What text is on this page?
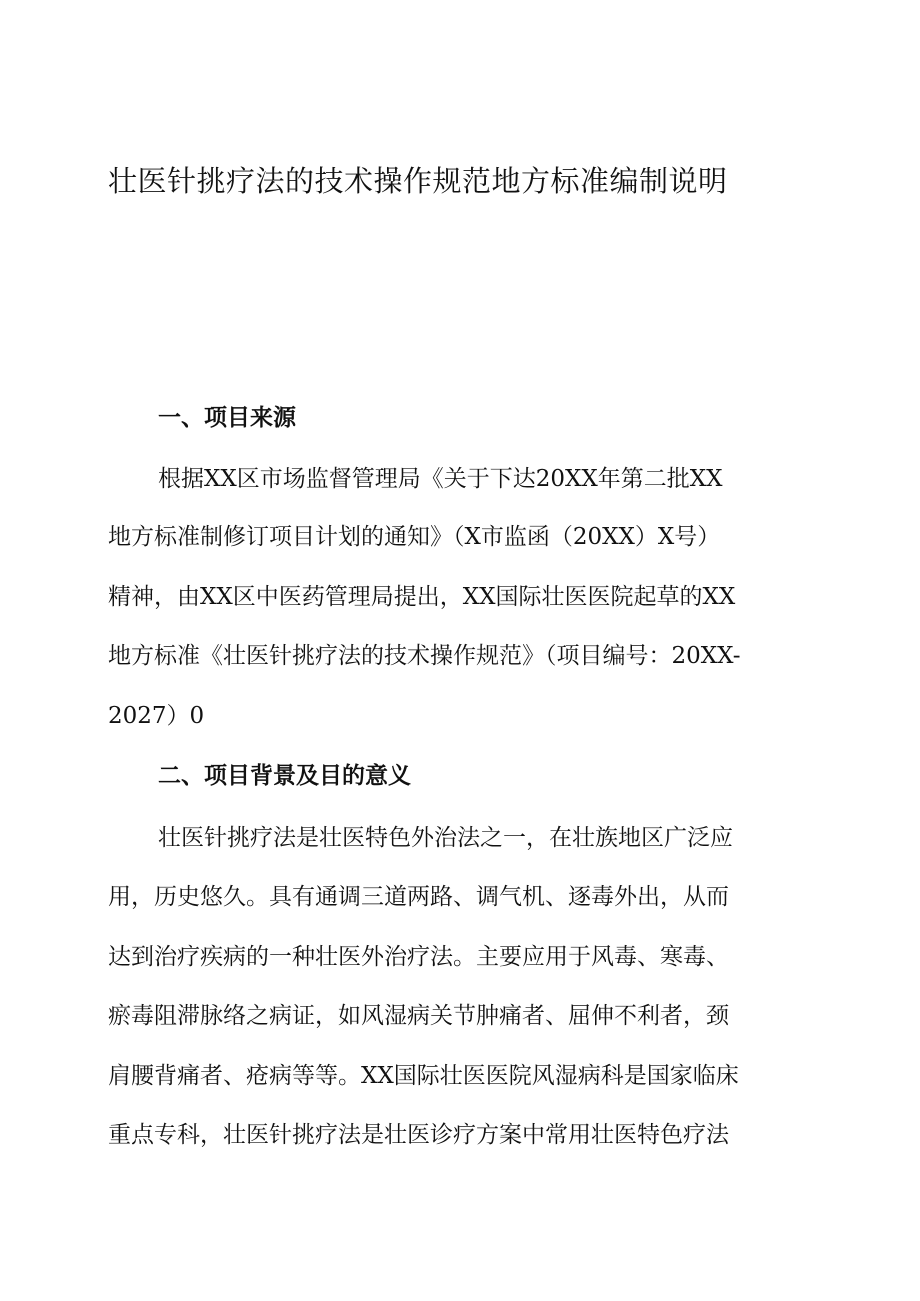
壮医针挑疗法的技术操作规范地方标准编制说明
一、项目来源
根据XX区市场监督管理局《关于下达20XX年第二批XX
地方标准制修订项目计划的通知》（X市监函（20XX）X号）
精神，由XX区中医药管理局提出，XX国际壮医医院起草的XX
地方标准《壮医针挑疗法的技术操作规范》（项目编号：20XX-
2027）0
二、项目背景及目的意义
壮医针挑疗法是壮医特色外治法之一，在壮族地区广泛应
用，历史悠久。具有通调三道两路、调气机、逐毒外出，从而
达到治疗疾病的一种壮医外治疗法。主要应用于风毒、寒毒、
瘀毒阻滞脉络之病证，如风湿病关节肿痛者、屈伸不利者，颈
肩腰背痛者、疮病等等。XX国际壮医医院风湿病科是国家临床
重点专科，壮医针挑疗法是壮医诊疗方案中常用壮医特色疗法
